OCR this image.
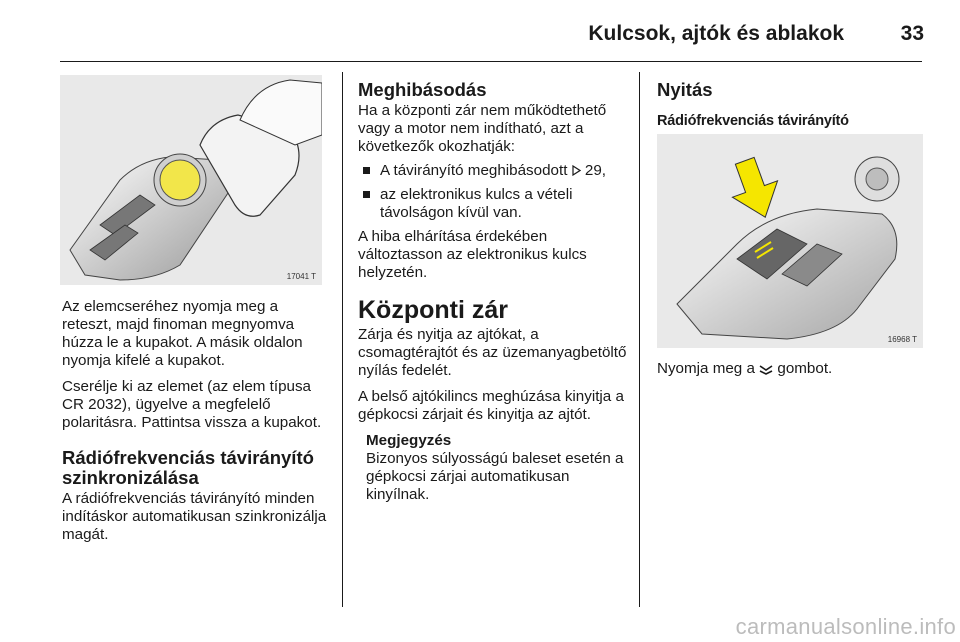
Kulcsok, ajtók és ablakok	33
17041 T

Az elemcseréhez nyomja meg a reteszt, majd finoman megnyomva húzza le a kupakot. A másik oldalon nyomja kifelé a kupakot.

Cserélje ki az elemet (az elem típusa CR 2032), ügyelve a megfelelő polaritásra. Pattintsa vissza a kupakot.

Rádiófrekvenciás távirányító szinkronizálása

A rádiófrekvenciás távirányító minden indításkor automatikusan szinkronizálja magát.

Meghibásodás

Ha a központi zár nem működtethető vagy a motor nem indítható, azt a következők okozhatják:

A távirányító meghibásodott 29,
az elektronikus kulcs a vételi távolságon kívül van.

A hiba elhárítása érdekében változtasson az elektronikus kulcs helyzetén.

Központi zár

Zárja és nyitja az ajtókat, a csomagtérajtót és az üzemanyagbetöltő nyílás fedelét.

A belső ajtókilincs meghúzása kinyitja a gépkocsi zárjait és kinyitja az ajtót.

Megjegyzés
Bizonyos súlyosságú baleset esetén a gépkocsi zárjai automatikusan kinyílnak.
Nyitás
Rádiófrekvenciás távirányító
16968 T
Nyomja meg a gombot.
carmanualsonline.info
